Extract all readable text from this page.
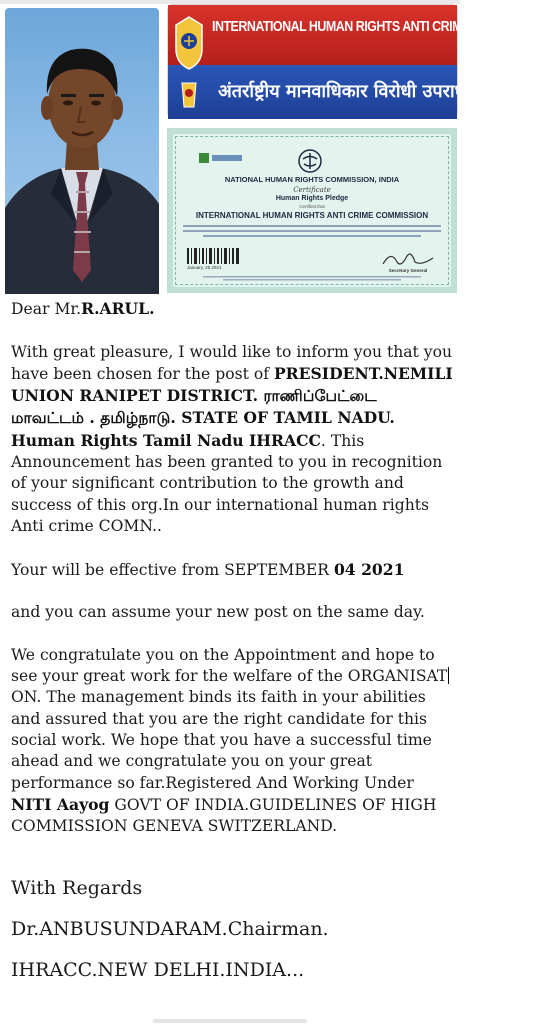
INTERNATIONAL HUMAN RIGHTS ANTI CRIME COMMISSION
अंतर्राष्ट्रीय मानवाधिकार विरोधी उपराध आयोग
NATIONAL HUMAN RIGHTS COMMISSION, INDIA
Certificate
Human Rights Pledge
Certified that
INTERNATIONAL HUMAN RIGHTS ANTI CRIME COMMISSION
January, 25 2021
Secretary General

Dear Mr.R.ARUL.

With great pleasure, I would like to inform you that you have been chosen for the post of PRESIDENT.NEMILI UNION RANIPET DISTRICT. ராணிப்பேட்டை மாவட்டம் . தமிழ்நாடு. STATE OF TAMIL NADU. Human Rights Tamil Nadu IHRACC. This Announcement has been granted to you in recognition of your significant contribution to the growth and success of this org.In our international human rights Anti crime COMN..

Your will be effective from SEPTEMBER 04 2021

and you can assume your new post on the same day.

We congratulate you on the Appointment and hope to see your great work for the welfare of the ORGANISATON. The management binds its faith in your abilities and assured that you are the right candidate for this social work. We hope that you have a successful time ahead and we congratulate you on your great performance so far.Registered And Working Under NITI Aayog GOVT OF INDIA.GUIDELINES OF HIGH COMMISSION GENEVA SWITZERLAND.

With Regards

Dr.ANBUSUNDARAM.Chairman.

IHRACC.NEW DELHI.INDIA...
